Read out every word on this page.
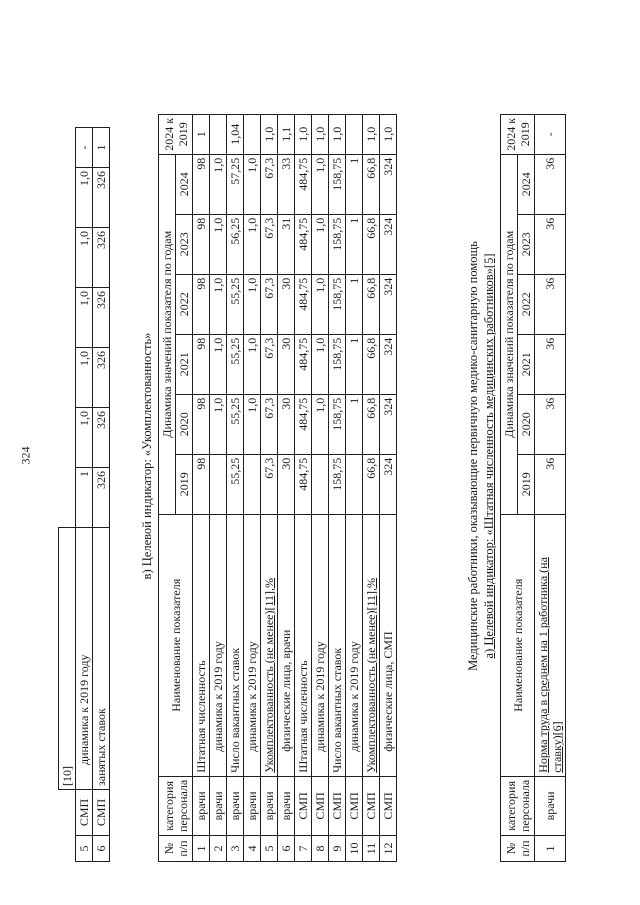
324
		[10]							
5	СМП	динамика к 2019 году	1	1,0	1,0	1,0	1,0	1,0	-
6	СМП	занятых ставок	326	326	326	326	326	326	1
в) Целевой индикатор: «Укомплектованность»
№ п/п	категория персонала	Наименование показателя	Динамика значений показателя по годам						2024 к 2019
			2019	2020	2021	2022	2023	2024	
1	врачи	Штатная численность	98	98	98	98	98	98	1
2	врачи	динамика к 2019 году		1,0	1,0	1,0	1,0	1,0	
3	врачи	Число вакантных ставок	55,25	55,25	55,25	55,25	56,25	57,25	1,04
4	врачи	динамика к 2019 году		1,0	1,0	1,0	1,0	1,0	
5	врачи	Укомплектованность (не менее)[11],%	67,3	67,3	67,3	67,3	67,3	67,3	1,0
6	врачи	физические лица, врачи	30	30	30	30	31	33	1,1
7	СМП	Штатная численность	484,75	484,75	484,75	484,75	484,75	484,75	1,0
8	СМП	динамика к 2019 году		1,0	1,0	1,0	1,0	1,0	1,0
9	СМП	Число вакантных ставок	158,75	158,75	158,75	158,75	158,75	158,75	1,0
10	СМП	динамика к 2019 году		1	1	1	1	1	
11	СМП	Укомплектованность (не менее)[11],%	66,8	66,8	66,8	66,8	66,8	66,8	1,0
12	СМП	физические лица, СМП	324	324	324	324	324	324	1,0
Медицинские работники, оказывающие первичную медико-санитарную помощь а) Целевой индикатор: «Штатная численность медицинских работников»[5]
№ п/п	категория персонала	Наименование показателя	Динамика значений показателя по годам						2024 к 2019
			2019	2020	2021	2022	2023	2024	
1	врачи	Норма труда в среднем на 1 работника (на ставку)[6]	36	36	36	36	36	36	-
